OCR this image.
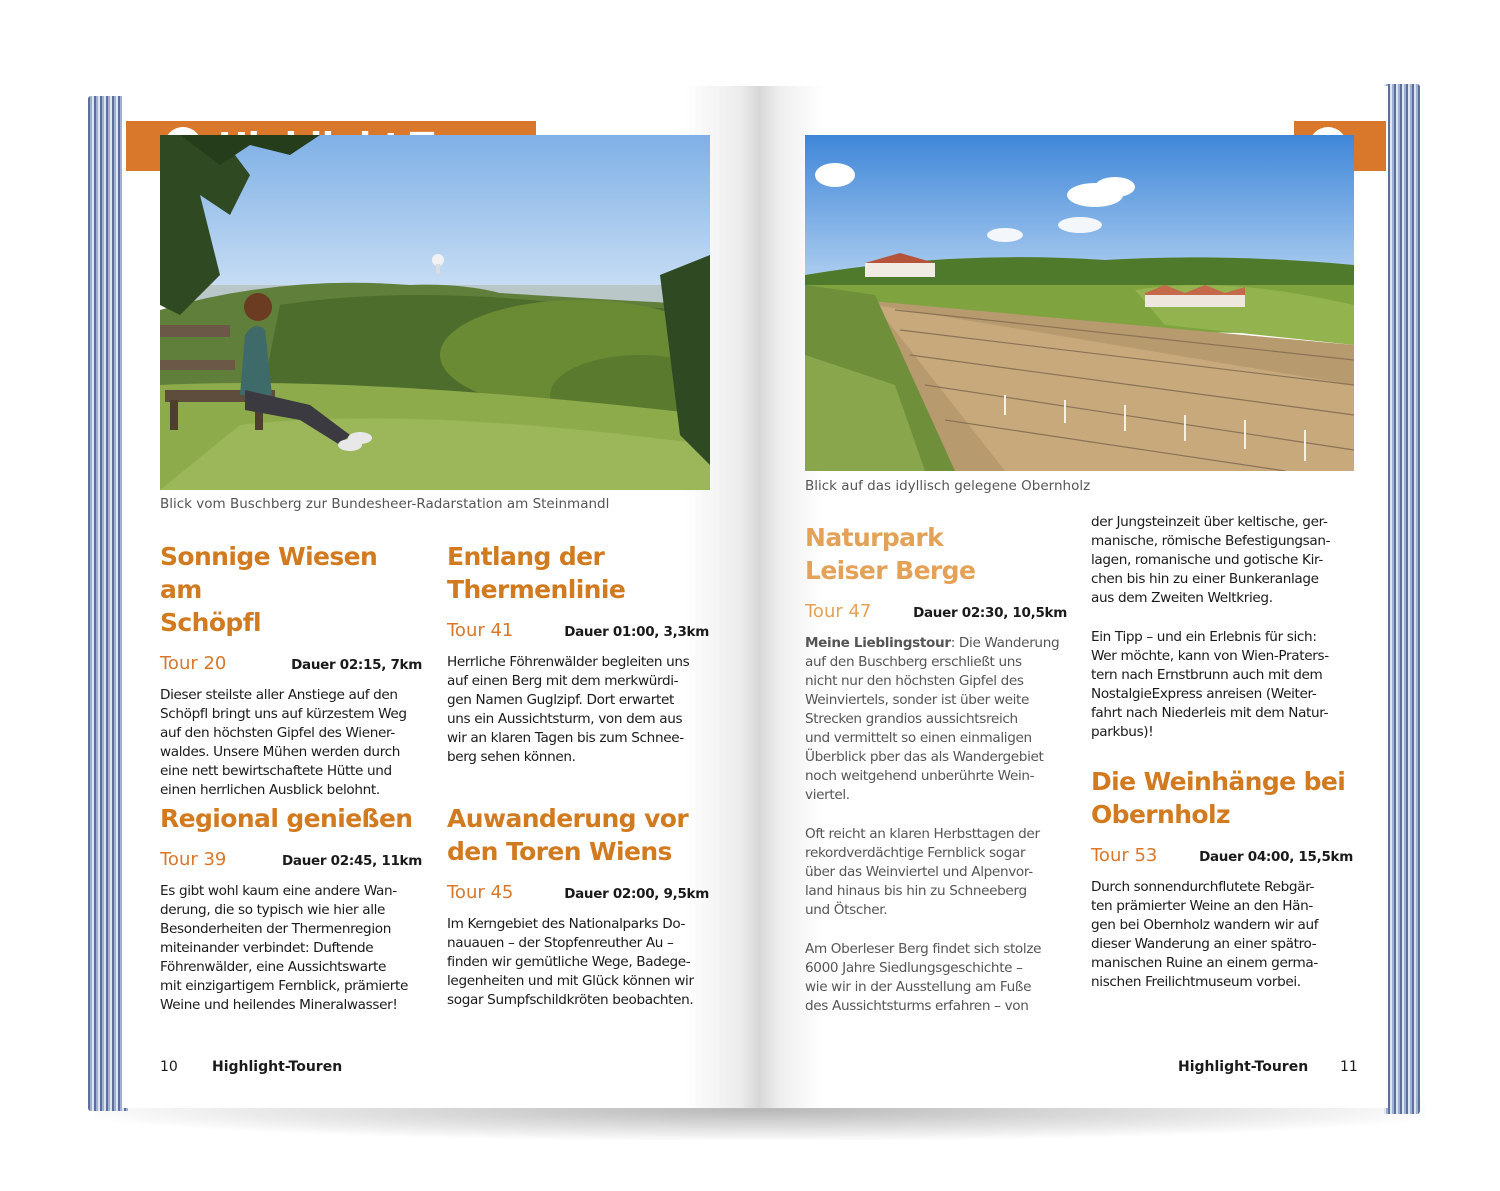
Blick vom Buschberg zur Bundesheer-Radarstation am Steinmandl
Sonnige Wiesen am
Schöpfl
Tour 20	Dauer 02:15, 7km

Dieser steilste aller Anstiege auf den
Schöpfl bringt uns auf kürzestem Weg
auf den höchsten Gipfel des Wiener-
waldes. Unsere Mühen werden durch
eine nett bewirtschaftete Hütte und
einen herrlichen Ausblick belohnt.

Regional genießen
Tour 39	Dauer 02:45, 11km

Es gibt wohl kaum eine andere Wan-
derung, die so typisch wie hier alle
Besonderheiten der Thermenregion
miteinander verbindet: Duftende
Föhrenwälder, eine Aussichtswarte
mit einzigartigem Fernblick, prämierte
Weine und heilendes Mineralwasser!

Entlang der
Thermenlinie
Tour 41	Dauer 01:00, 3,3km

Herrliche Föhrenwälder begleiten uns
auf einen Berg mit dem merkwürdi-
gen Namen Guglzipf. Dort erwartet
uns ein Aussichtsturm, von dem aus
wir an klaren Tagen bis zum Schnee-
berg sehen können.

Auwanderung vor
den Toren Wiens
Tour 45	Dauer 02:00, 9,5km

Im Kerngebiet des Nationalparks Do-
nauauen – der Stopfenreuther Au –
finden wir gemütliche Wege, Badege-
legenheiten und mit Glück können wir
sogar Sumpfschildkröten beobachten.

10 Highlight-Touren
Blick auf das idyllisch gelegene Obernholz
Naturpark
Leiser Berge
Tour 47	Dauer 02:30, 10,5km

Meine Lieblingstour: Die Wanderung
auf den Buschberg erschließt uns
nicht nur den höchsten Gipfel des
Weinviertels, sonder ist über weite
Strecken grandios aussichtsreich
und vermittelt so einen einmaligen
Überblick pber das als Wandergebiet
noch weitgehend unberührte Wein-
viertel.

Oft reicht an klaren Herbsttagen der
rekordverdächtige Fernblick sogar
über das Weinviertel und Alpenvor-
land hinaus bis hin zu Schneeberg
und Ötscher.

Am Oberleser Berg findet sich stolze
6000 Jahre Siedlungsgeschichte –
wie wir in der Ausstellung am Fuße
des Aussichtsturms erfahren – von

der Jungsteinzeit über keltische, ger-
manische, römische Befestigungsan-
lagen, romanische und gotische Kir-
chen bis hin zu einer Bunkeranlage
aus dem Zweiten Weltkrieg.

Ein Tipp – und ein Erlebnis für sich:
Wer möchte, kann von Wien-Praters-
tern nach Ernstbrunn auch mit dem
NostalgieExpress anreisen (Weiter-
fahrt nach Niederleis mit dem Natur-
parkbus)!

Die Weinhänge bei
Obernholz
Tour 53	Dauer 04:00, 15,5km

Durch sonnendurchflutete Rebgär-
ten prämierter Weine an den Hän-
gen bei Obernholz wandern wir auf
dieser Wanderung an einer spätro-
manischen Ruine an einem germa-
nischen Freilichtmuseum vorbei.

Highlight-Touren 11
